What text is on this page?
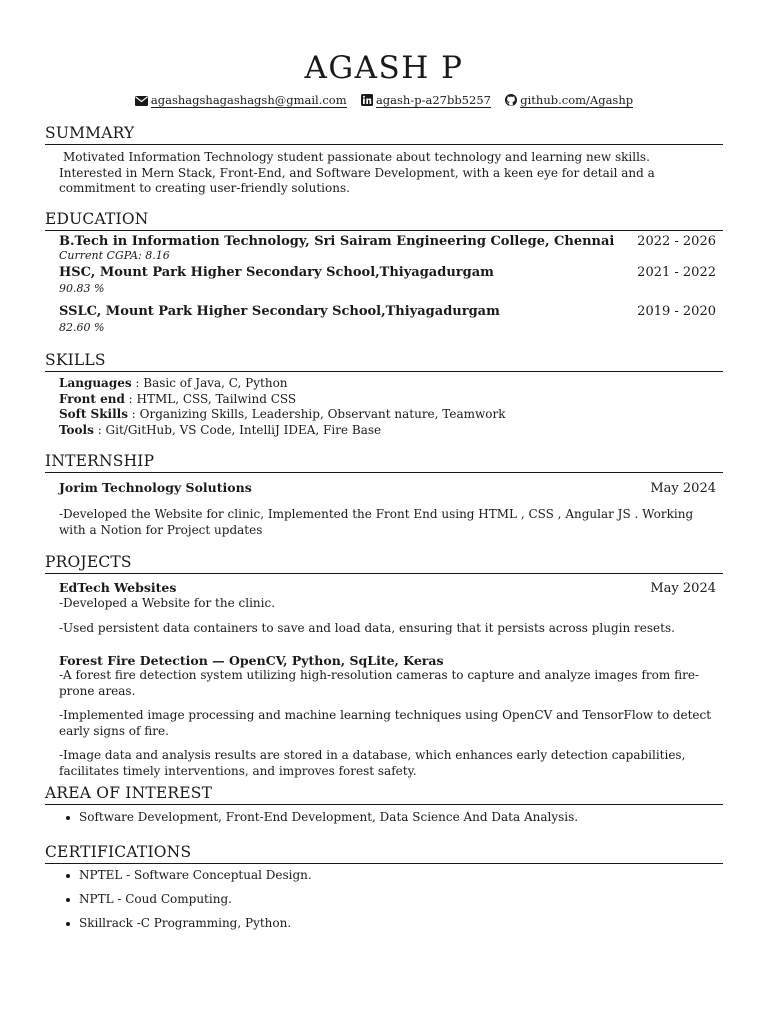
AGASH P
agashagshagashagsh@gmail.com	agash-p-a27bb5257	github.com/Agashp
SUMMARY
Motivated Information Technology student passionate about technology and learning new skills. Interested in Mern Stack, Front-End, and Software Development, with a keen eye for detail and a commitment to creating user-friendly solutions.
EDUCATION
B.Tech in Information Technology, Sri Sairam Engineering College, Chennai 2022 - 2026
Current CGPA: 8.16
HSC, Mount Park Higher Secondary School,Thiyagadurgam	2021 - 2022
90.83 %
SSLC, Mount Park Higher Secondary School,Thiyagadurgam	2019 - 2020
82.60 %
SKILLS
Languages : Basic of Java, C, Python
Front end : HTML, CSS, Tailwind CSS
Soft Skills : Organizing Skills, Leadership, Observant nature, Teamwork
Tools : Git/GitHub, VS Code, IntelliJ IDEA, Fire Base
INTERNSHIP
Jorim Technology Solutions	May 2024
-Developed the Website for clinic, Implemented the Front End using HTML , CSS , Angular JS . Working with a Notion for Project updates
PROJECTS
EdTech Websites	May 2024
-Developed a Website for the clinic.
-Used persistent data containers to save and load data, ensuring that it persists across plugin resets.
Forest Fire Detection — OpenCV, Python, SqLite, Keras
-A forest fire detection system utilizing high-resolution cameras to capture and analyze images from fire-prone areas.
-Implemented image processing and machine learning techniques using OpenCV and TensorFlow to detect early signs of fire.
-Image data and analysis results are stored in a database, which enhances early detection capabilities, facilitates timely interventions, and improves forest safety.
AREA OF INTEREST
Software Development, Front-End Development, Data Science And Data Analysis.
CERTIFICATIONS
NPTEL - Software Conceptual Design.
NPTL - Coud Computing.
Skillrack -C Programming, Python.
